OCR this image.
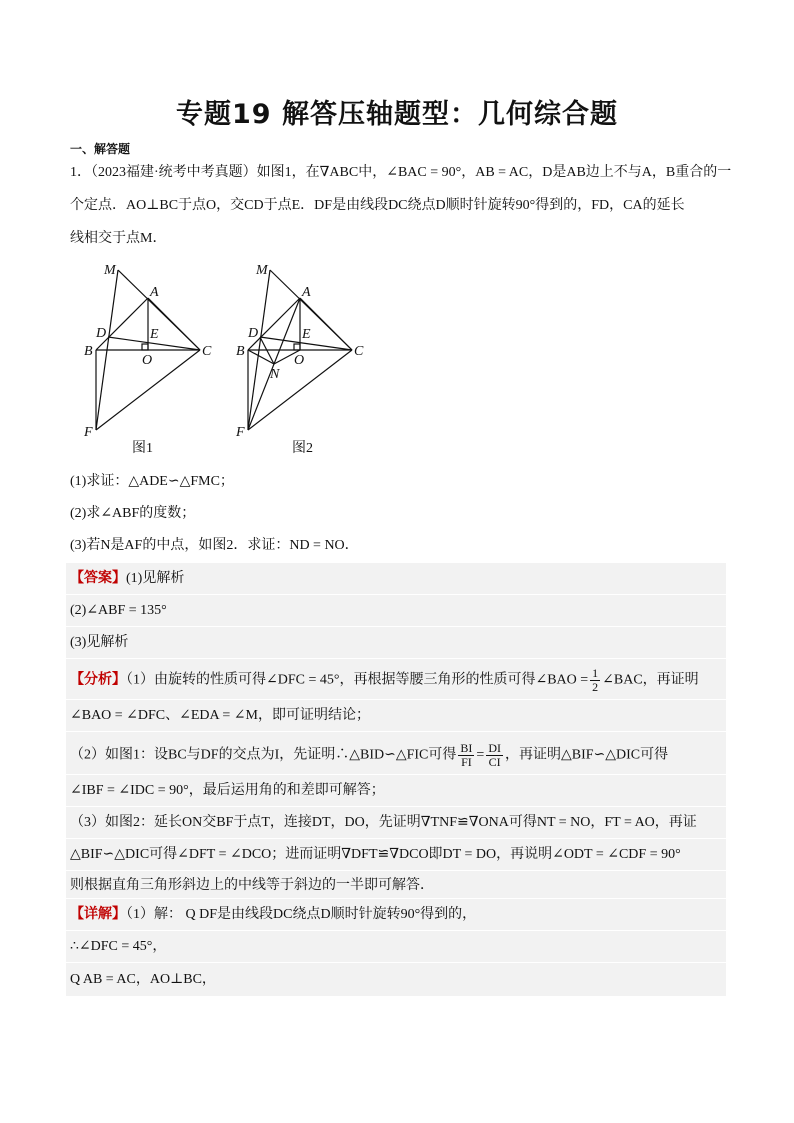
专题19 解答压轴题型：几何综合题
一、解答题
1．（2023福建·统考中考真题）如图1，在∇ABC中，∠BAC = 90°，AB = AC，D是AB边上不与A，B重合的一
个定点．AO⊥BC于点O，交CD于点E．DF是由线段DC绕点D顺时针旋转90°得到的，FD，CA的延长
线相交于点M．
M
A
D	E
B
O
C
F
图1
M
A
D	E
B
O
C
N
F
图2
(1)求证：△ADE∽△FMC；
(2)求∠ABF的度数；
(3)若N是AF的中点，如图2．求证：ND = NO．
【答案】(1)见解析
(2)∠ABF = 135°
(3)见解析
【分析】（1）由旋转的性质可得∠DFC = 45°，再根据等腰三角形的性质可得∠BAO = $\frac{1}{2}$ ∠BAC，再证明
∠BAO = ∠DFC、∠EDA = ∠M，即可证明结论；
（2）如图1：设BC与DF的交点为I，先证明∴△BID∽△FIC可得 $\frac{BI}{FI} = \frac{DI}{CI}$ ，再证明△BIF∽△DIC可得
∠IBF = ∠IDC = 90°，最后运用角的和差即可解答；
（3）如图2：延长ON交BF于点T，连接DT，DO，先证明∇TNF≌∇ONA可得NT = NO，FT = AO，再证
△BIF∽△DIC可得∠DFT = ∠DCO；进而证明∇DFT≌∇DCO即DT = DO，再说明∠ODT = ∠CDF = 90°
则根据直角三角形斜边上的中线等于斜边的一半即可解答．
【详解】（1）解： Q DF是由线段DC绕点D顺时针旋转90°得到的，
∴∠DFC = 45°，
Q AB = AC，AO⊥BC，
